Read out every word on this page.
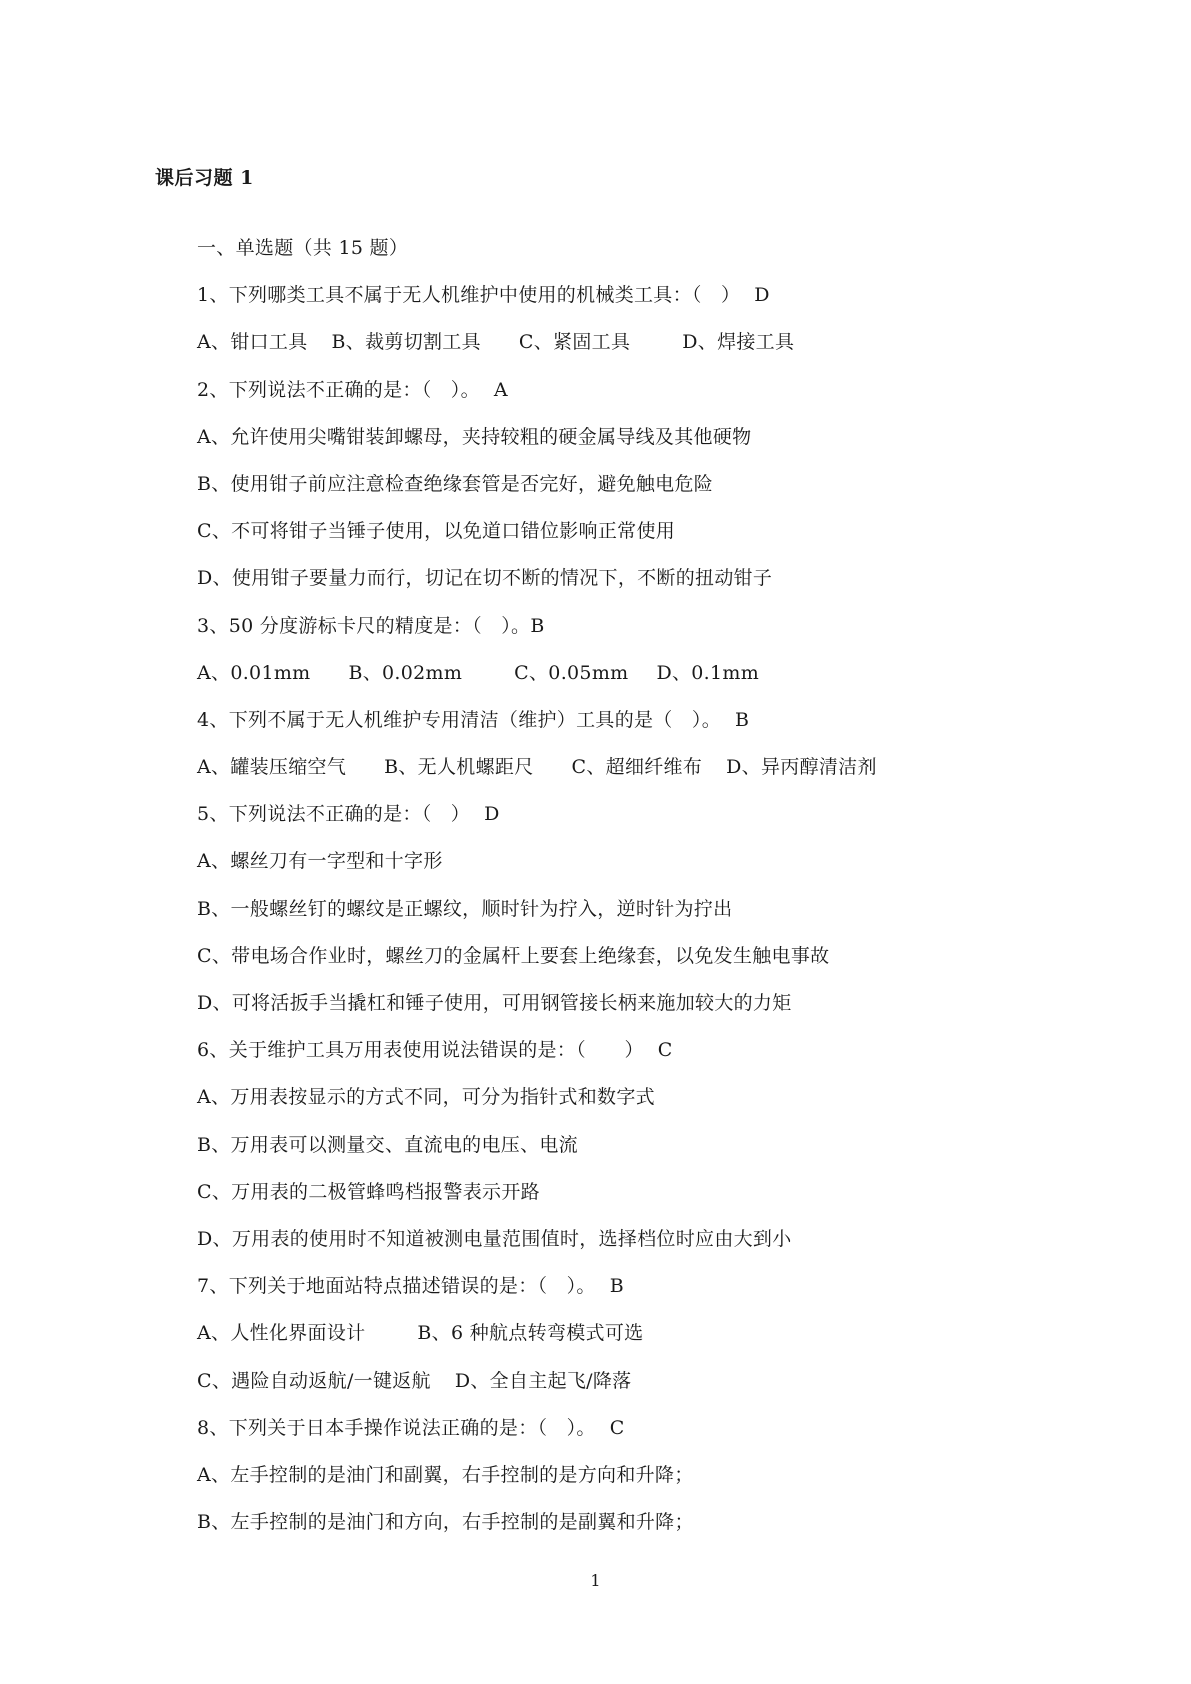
课后习题 1
一、单选题（共 15 题）
1、下列哪类工具不属于无人机维护中使用的机械类工具：（　） D
A、钳口工具 B、裁剪切割工具 C、紧固工具	D、焊接工具
2、下列说法不正确的是：（　）。 A
A、允许使用尖嘴钳装卸螺母，夹持较粗的硬金属导线及其他硬物
B、使用钳子前应注意检查绝缘套管是否完好，避免触电危险
C、不可将钳子当锤子使用，以免道口错位影响正常使用
D、使用钳子要量力而行，切记在切不断的情况下，不断的扭动钳子
3、50 分度游标卡尺的精度是：（　）。B
A、0.01mm B、0.02mm	C、0.05mm D、0.1mm
4、下列不属于无人机维护专用清洁（维护）工具的是（　）。 B
A、罐装压缩空气 B、无人机螺距尺 C、超细纤维布 D、异丙醇清洁剂
5、下列说法不正确的是：（　） D
A、螺丝刀有一字型和十字形
B、一般螺丝钉的螺纹是正螺纹，顺时针为拧入，逆时针为拧出
C、带电场合作业时，螺丝刀的金属杆上要套上绝缘套，以免发生触电事故
D、可将活扳手当撬杠和锤子使用，可用钢管接长柄来施加较大的力矩
6、关于维护工具万用表使用说法错误的是：（　　） C
A、万用表按显示的方式不同，可分为指针式和数字式
B、万用表可以测量交、直流电的电压、电流
C、万用表的二极管蜂鸣档报警表示开路
D、万用表的使用时不知道被测电量范围值时，选择档位时应由大到小
7、下列关于地面站特点描述错误的是：（　）。 B
A、人性化界面设计	B、6 种航点转弯模式可选
C、遇险自动返航/一键返航 D、全自主起飞/降落
8、下列关于日本手操作说法正确的是：（　）。 C
A、左手控制的是油门和副翼，右手控制的是方向和升降；
B、左手控制的是油门和方向，右手控制的是副翼和升降；
1
